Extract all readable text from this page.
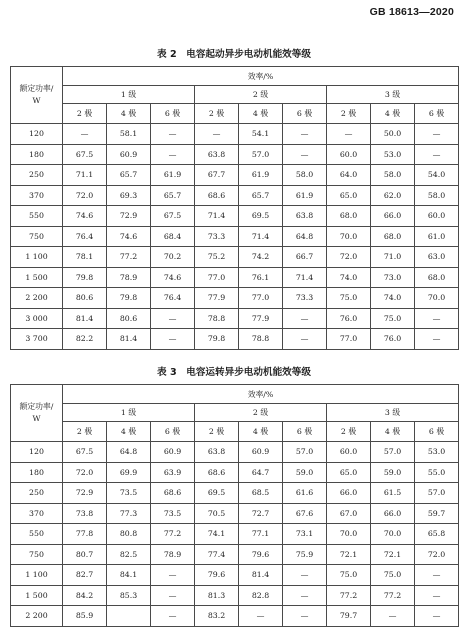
GB 18613—2020
表 2　电容起动异步电动机能效等级
额定功率/
W	效率/%								
	1 级			2 级			3 级		
	2 极	4 极	6 极	2 极	4 极	6 极	2 极	4 极	6 极
120	—	58.1	—	—	54.1	—	—	50.0	—
180	67.5	60.9	—	63.8	57.0	—	60.0	53.0	—
250	71.1	65.7	61.9	67.7	61.9	58.0	64.0	58.0	54.0
370	72.0	69.3	65.7	68.6	65.7	61.9	65.0	62.0	58.0
550	74.6	72.9	67.5	71.4	69.5	63.8	68.0	66.0	60.0
750	76.4	74.6	68.4	73.3	71.4	64.8	70.0	68.0	61.0
1 100	78.1	77.2	70.2	75.2	74.2	66.7	72.0	71.0	63.0
1 500	79.8	78.9	74.6	77.0	76.1	71.4	74.0	73.0	68.0
2 200	80.6	79.8	76.4	77.9	77.0	73.3	75.0	74.0	70.0
3 000	81.4	80.6	—	78.8	77.9	—	76.0	75.0	—
3 700	82.2	81.4	—	79.8	78.8	—	77.0	76.0	—
表 3　电容运转异步电动机能效等级
额定功率/
W	效率/%								
	1 级			2 级			3 级		
	2 极	4 极	6 极	2 极	4 极	6 极	2 极	4 极	6 极
120	67.5	64.8	60.9	63.8	60.9	57.0	60.0	57.0	53.0
180	72.0	69.9	63.9	68.6	64.7	59.0	65.0	59.0	55.0
250	72.9	73.5	68.6	69.5	68.5	61.6	66.0	61.5	57.0
370	73.8	77.3	73.5	70.5	72.7	67.6	67.0	66.0	59.7
550	77.8	80.8	77.2	74.1	77.1	73.1	70.0	70.0	65.8
750	80.7	82.5	78.9	77.4	79.6	75.9	72.1	72.1	72.0
1 100	82.7	84.1	—	79.6	81.4	—	75.0	75.0	—
1 500	84.2	85.3	—	81.3	82.8	—	77.2	77.2	—
2 200	85.9		—	83.2	—	—	79.7	—	—
